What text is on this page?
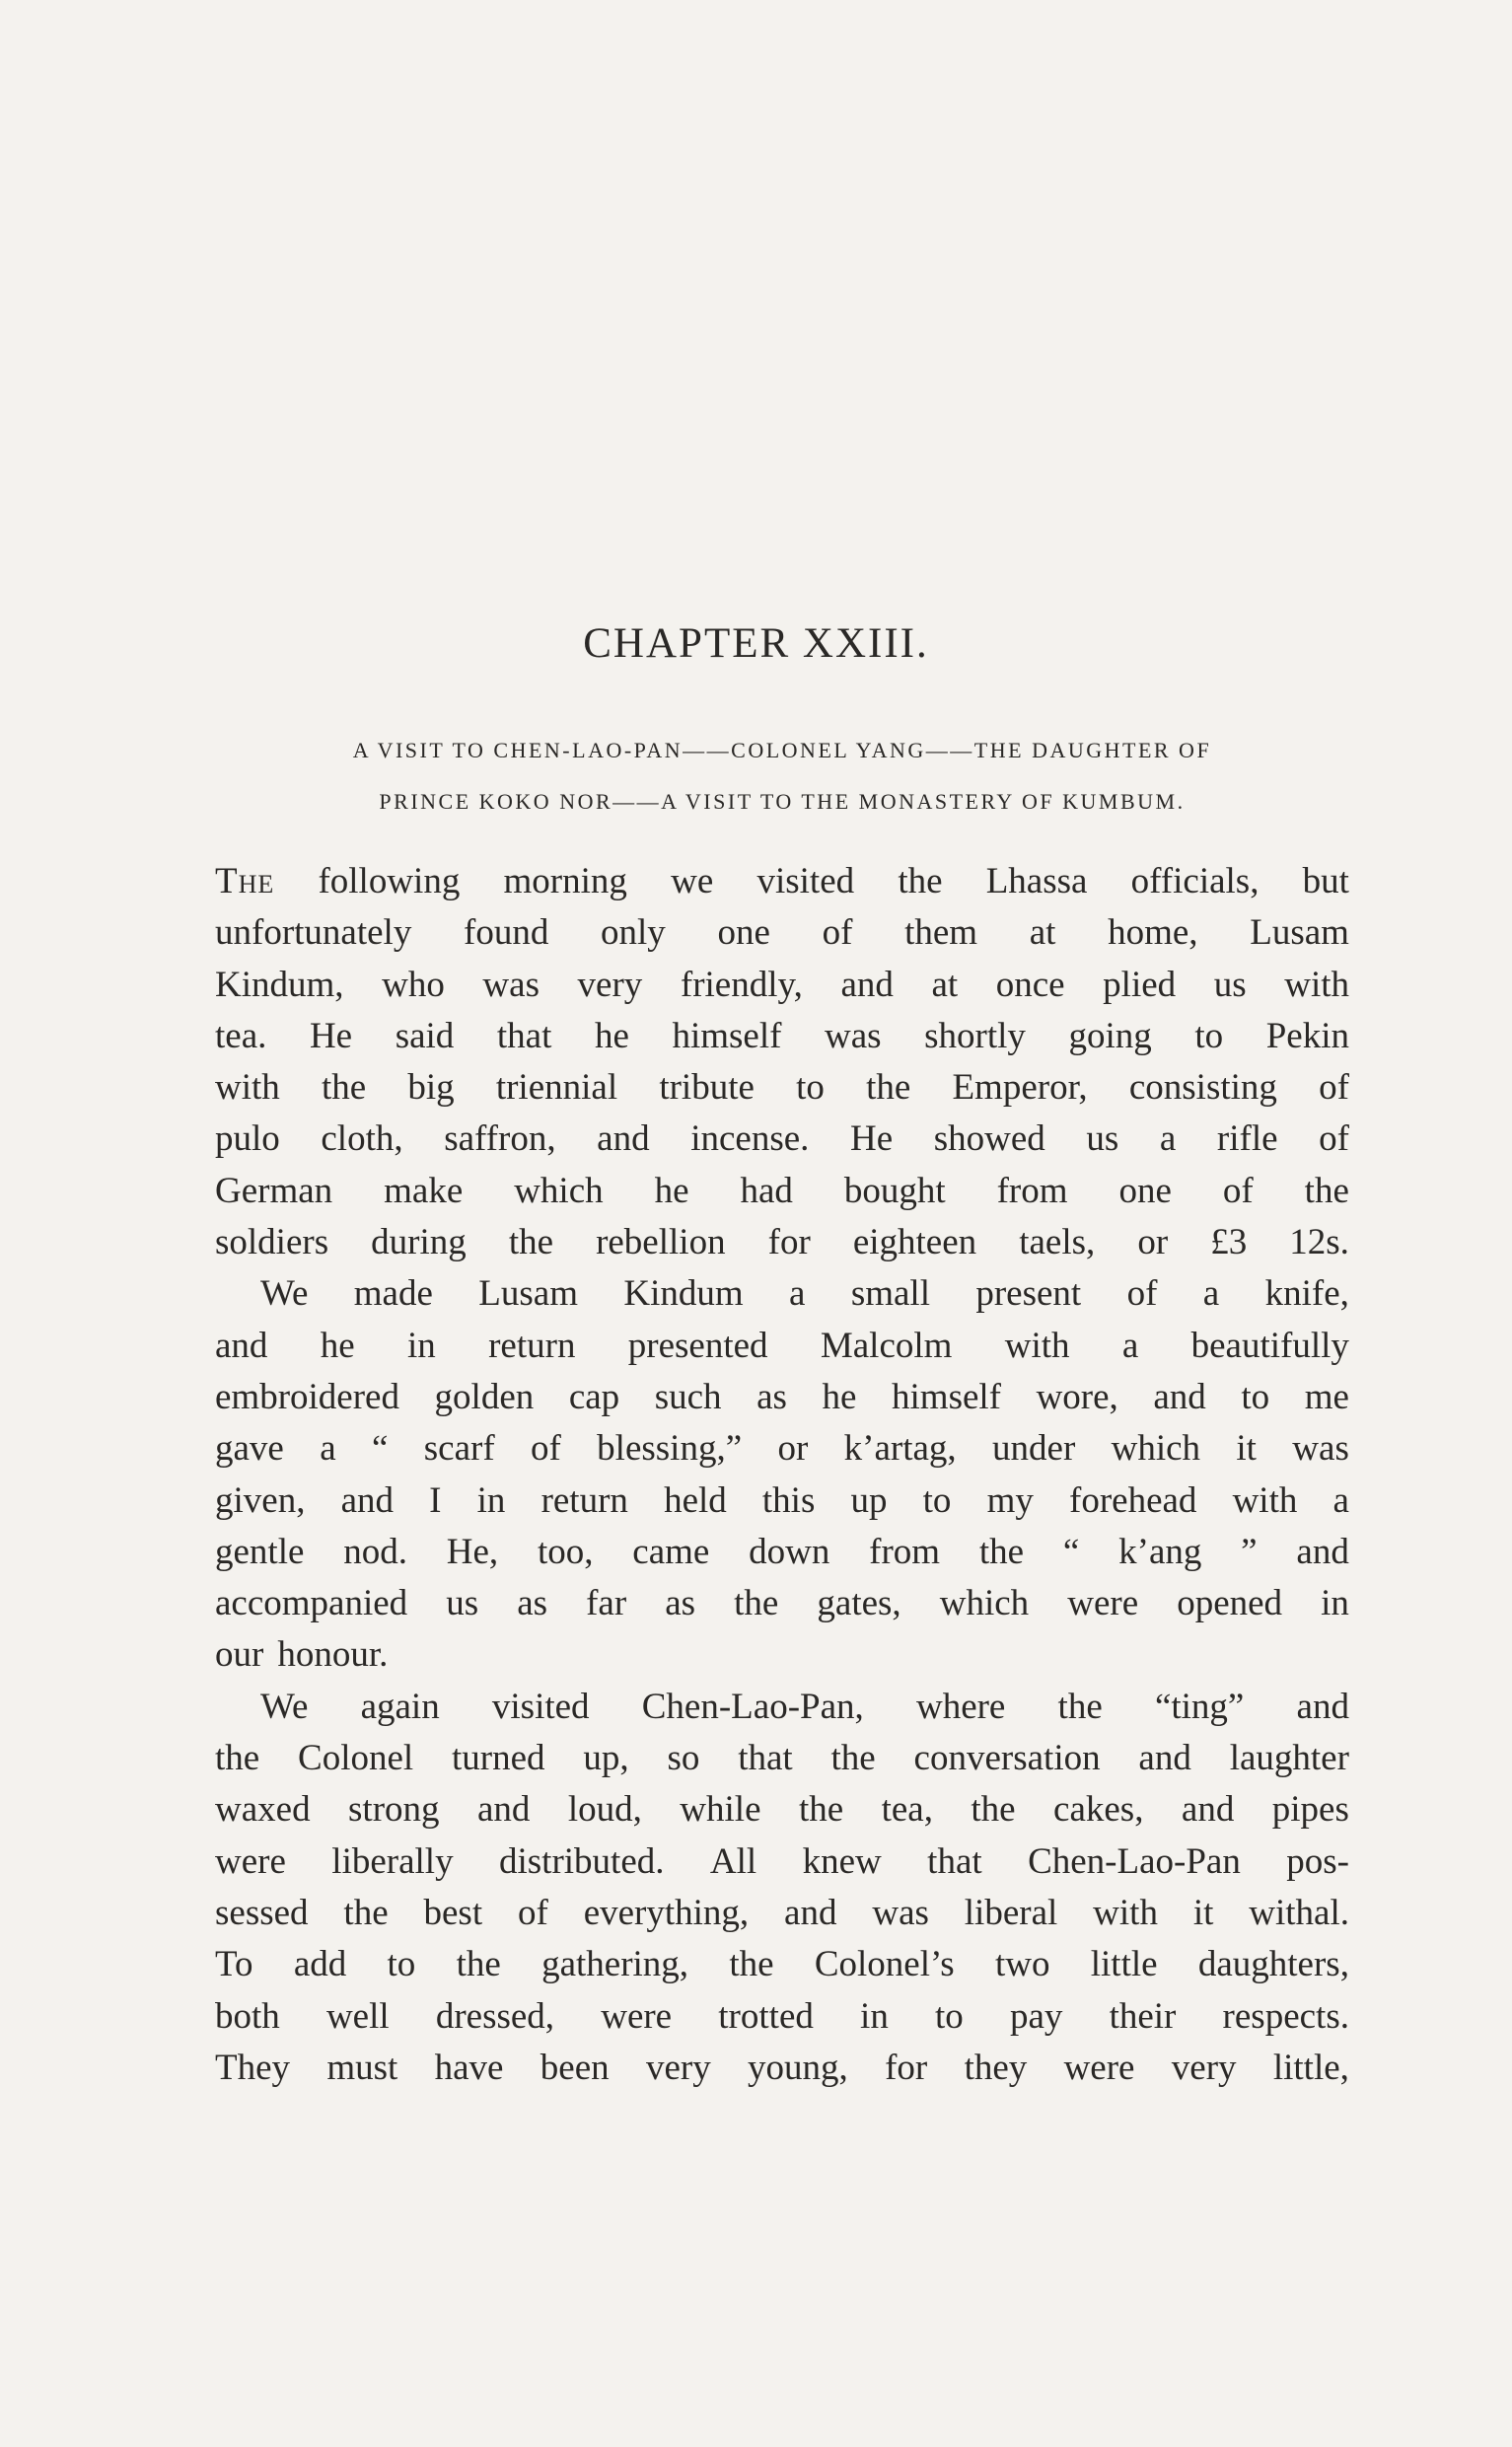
CHAPTER XXIII.
A VISIT TO CHEN-LAO-PAN——COLONEL YANG——THE DAUGHTER OF
PRINCE KOKO NOR——A VISIT TO THE MONASTERY OF KUMBUM.
The following morning we visited the Lhassa officials, but
unfortunately found only one of them at home, Lusam
Kindum, who was very friendly, and at once plied us with
tea. He said that he himself was shortly going to Pekin
with the big triennial tribute to the Emperor, consisting of
pulo cloth, saffron, and incense. He showed us a rifle of
German make which he had bought from one of the
soldiers during the rebellion for eighteen taels, or £3 12s.
We made Lusam Kindum a small present of a knife,
and he in return presented Malcolm with a beautifully
embroidered golden cap such as he himself wore, and to me
gave a “ scarf of blessing,” or k’artag, under which it was
given, and I in return held this up to my forehead with a
gentle nod. He, too, came down from the “ k’ang ” and
accompanied us as far as the gates, which were opened in
our honour.
We again visited Chen-Lao-Pan, where the “ting” and
the Colonel turned up, so that the conversation and laughter
waxed strong and loud, while the tea, the cakes, and pipes
were liberally distributed. All knew that Chen-Lao-Pan pos-
sessed the best of everything, and was liberal with it withal.
To add to the gathering, the Colonel’s two little daughters,
both well dressed, were trotted in to pay their respects.
They must have been very young, for they were very little,
